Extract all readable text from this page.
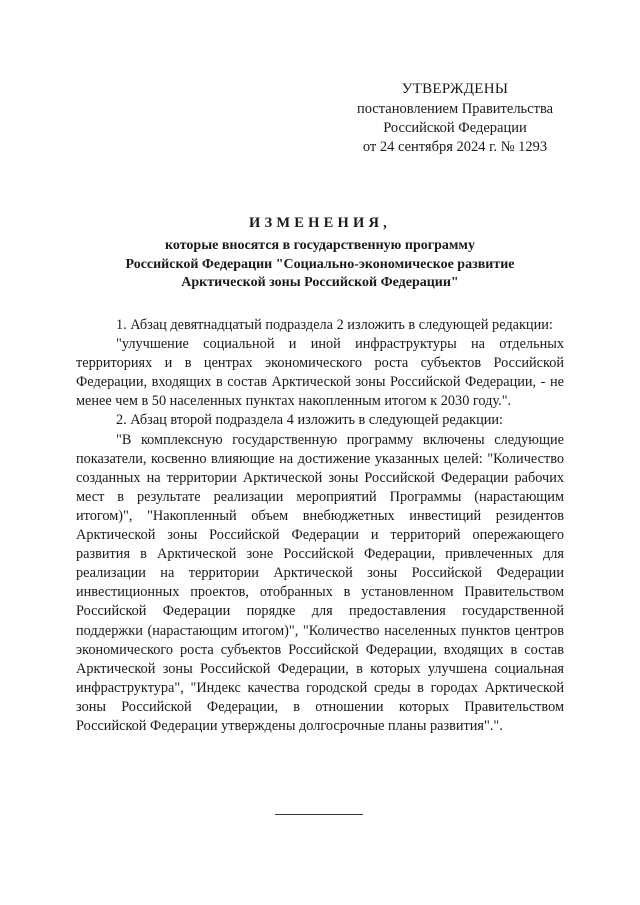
УТВЕРЖДЕНЫ
постановлением Правительства
Российской Федерации
от 24 сентября 2024 г. № 1293
ИЗМЕНЕНИЯ,
которые вносятся в государственную программу
Российской Федерации "Социально-экономическое развитие
Арктической зоны Российской Федерации"

1. Абзац девятнадцатый подраздела 2 изложить в следующей редакции:

"улучшение социальной и иной инфраструктуры на отдельных территориях и в центрах экономического роста субъектов Российской Федерации, входящих в состав Арктической зоны Российской Федерации, - не менее чем в 50 населенных пунктах накопленным итогом к 2030 году.".

2. Абзац второй подраздела 4 изложить в следующей редакции:

"В комплексную государственную программу включены следующие показатели, косвенно влияющие на достижение указанных целей: "Количество созданных на территории Арктической зоны Российской Федерации рабочих мест в результате реализации мероприятий Программы (нарастающим итогом)", "Накопленный объем внебюджетных инвестиций резидентов Арктической зоны Российской Федерации и территорий опережающего развития в Арктической зоне Российской Федерации, привлеченных для реализации на территории Арктической зоны Российской Федерации инвестиционных проектов, отобранных в установленном Правительством Российской Федерации порядке для предоставления государственной поддержки (нарастающим итогом)", "Количество населенных пунктов центров экономического роста субъектов Российской Федерации, входящих в состав Арктической зоны Российской Федерации, в которых улучшена социальная инфраструктура", "Индекс качества городской среды в городах Арктической зоны Российской Федерации, в отношении которых Правительством Российской Федерации утверждены долгосрочные планы развития".".
